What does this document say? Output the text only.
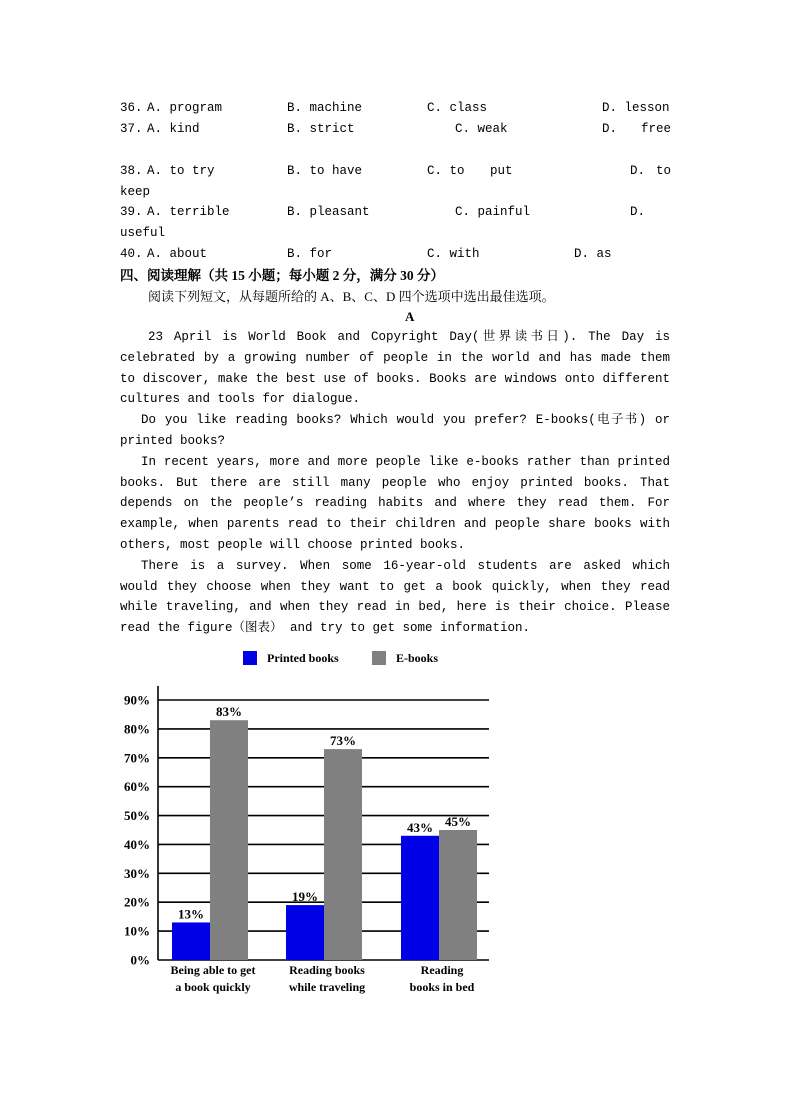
36. A. program	B. machine	C. class	D. lesson
37. A. kind	B. strict	C. weak	D. free
38. A. to try	B. to have	C. to put	D. to
keep
39. A. terrible	B. pleasant	C. painful	D.
useful
40. A. about	B. for	C. with	D. as
四、阅读理解（共 15 小题；每小题 2 分，满分 30 分）
阅读下列短文，从每题所给的 A、B、C、D 四个选项中选出最佳选项。
A

23 April is World Book and Copyright Day(世界读书日). The Day is celebrated by a growing number of people in the world and has made them to discover, make the best use of books. Books are windows onto different cultures and tools for dialogue.

Do you like reading books? Which would you prefer? E-books(电子书) or printed books?

In recent years, more and more people like e-books rather than printed books. But there are still many people who enjoy printed books. That depends on the people’s reading habits and where they read them. For example, when parents read to their children and people share books with others, most people will choose printed books.

There is a survey. When some 16-year-old students are asked which would they choose when they want to get a book quickly, when they read while traveling, and when they read in bed, here is their choice. Please read the figure（图表） and try to get some information.

0%
10%
20%
30%
40%
50%
60%
70%
80%
90%
13%
83%
Being able to get
a book quickly
19%
73%
Reading books
while traveling
43% 45%
Reading
books in bed
Printed books	E-books
